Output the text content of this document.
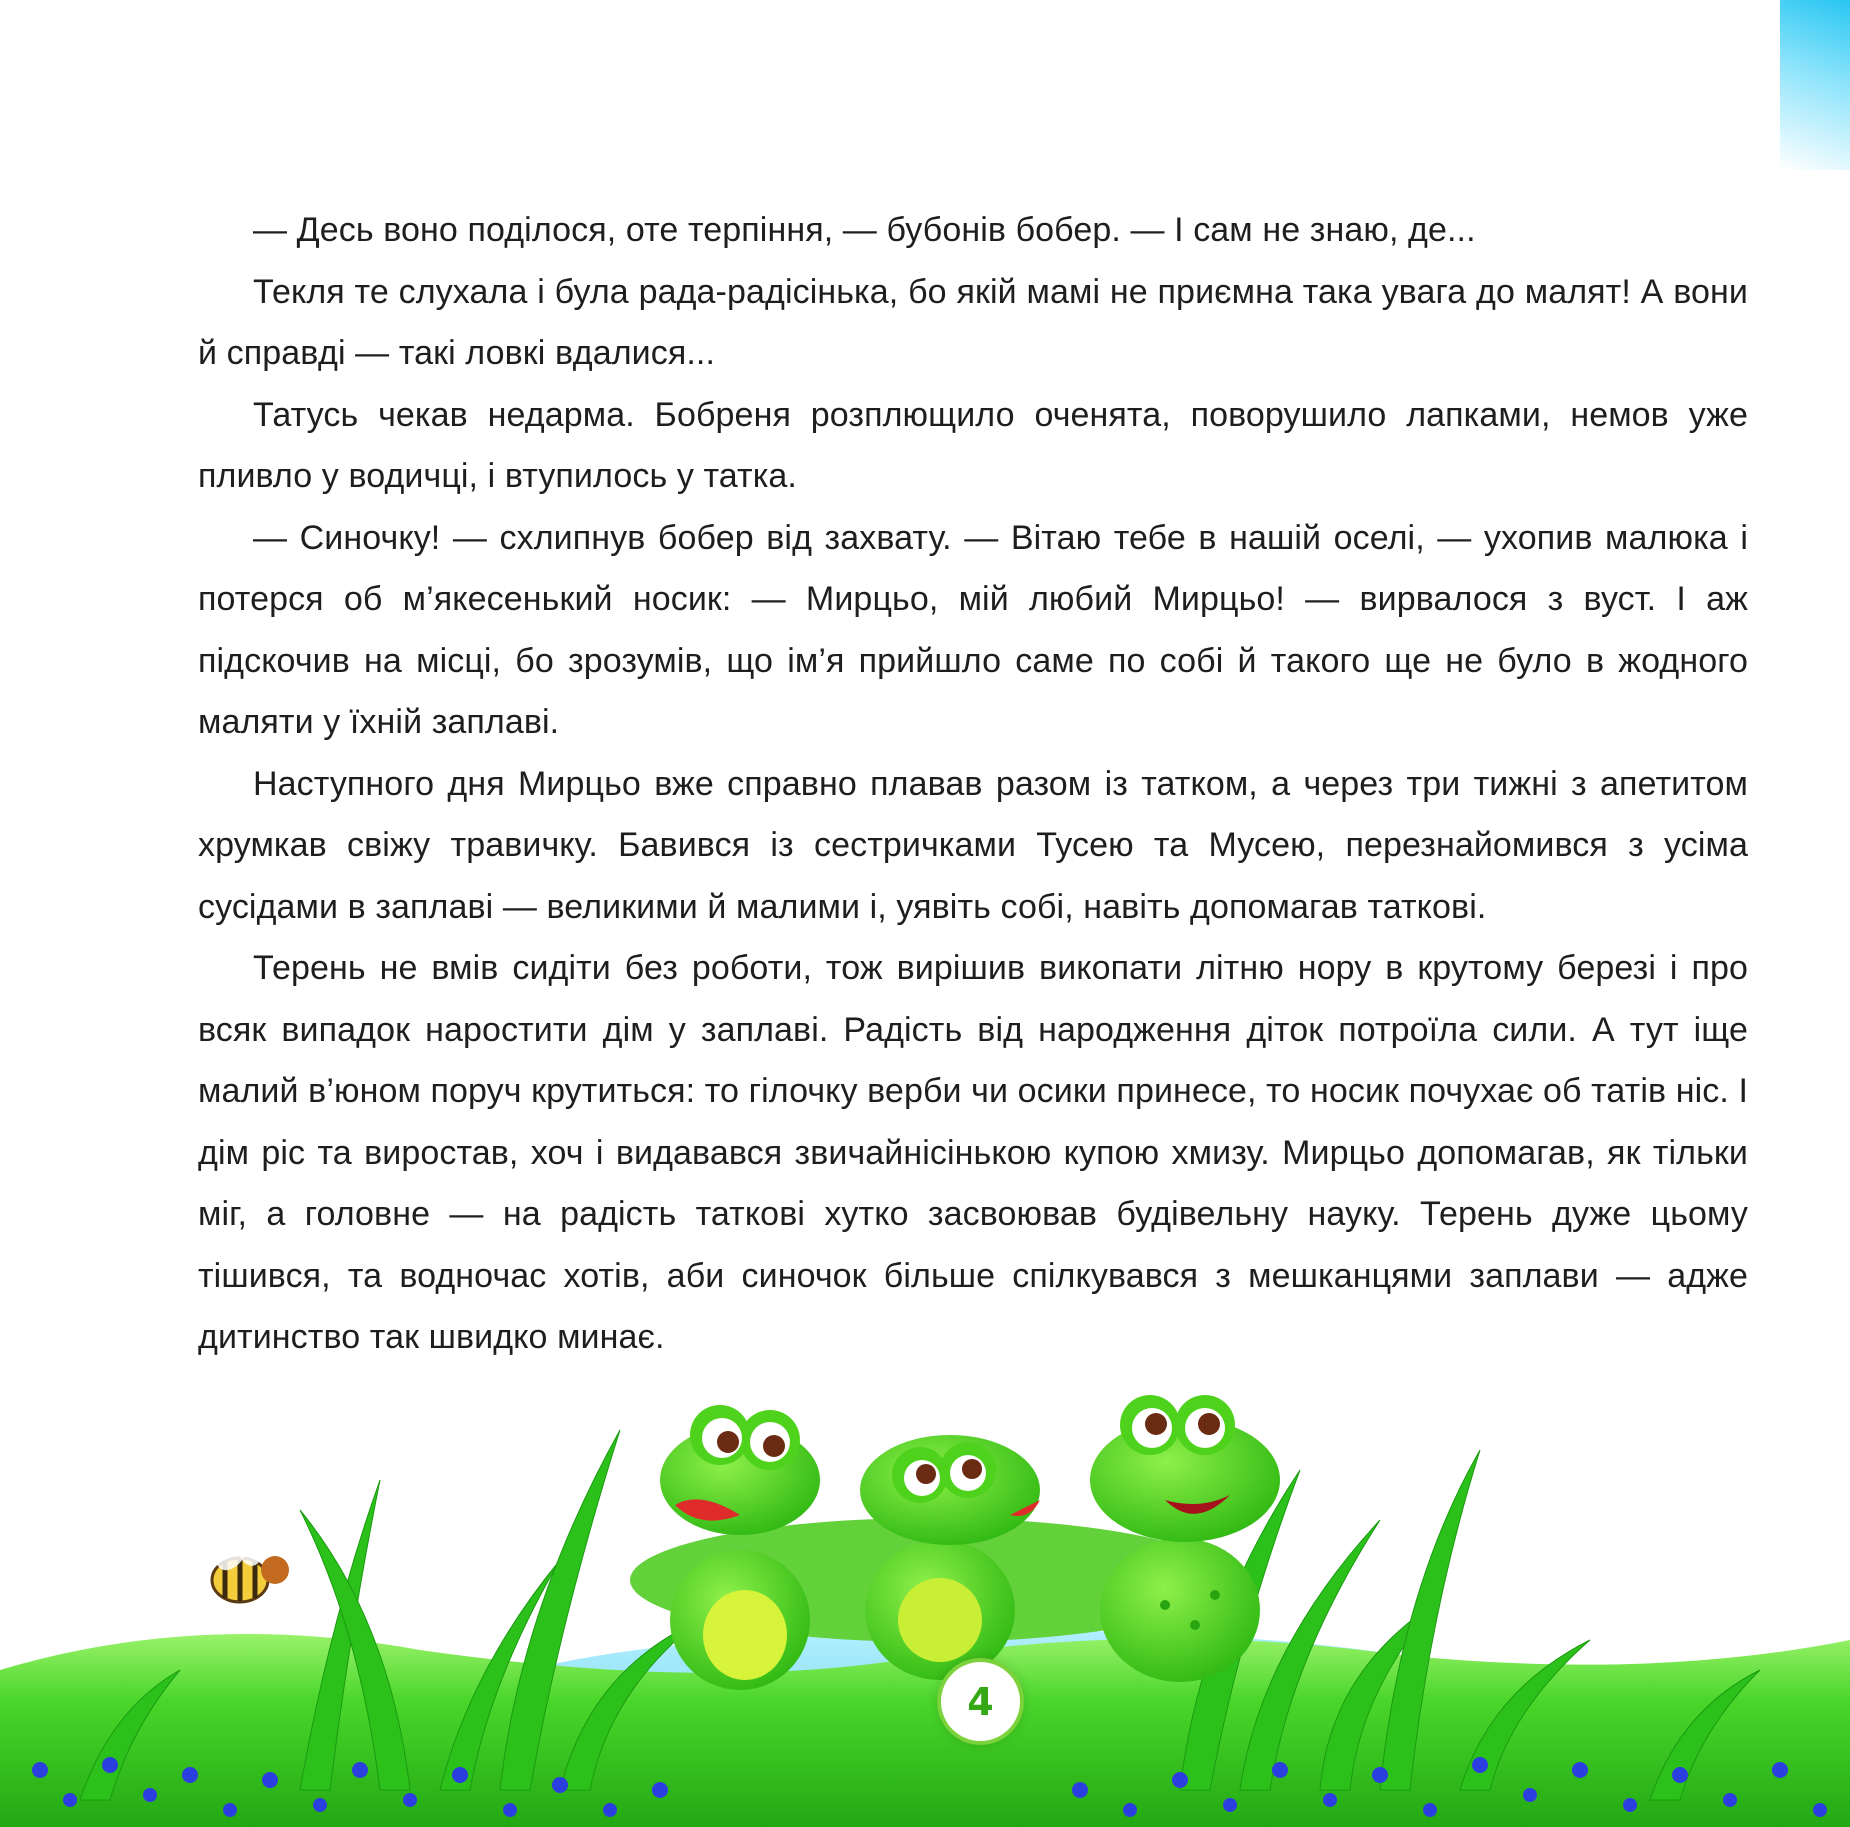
— Десь воно поділося, оте терпіння, — бубонів бобер. — І сам не знаю, де...

Текля те слухала і була рада-радісінька, бо якій мамі не приємна така увага до малят! А вони й справді — такі ловкі вдалися...

Татусь чекав недарма. Бобреня розплющило оченята, поворушило лапками, немов уже пливло у водичці, і втупилось у татка.

— Синочку! — схлипнув бобер від захвату. — Вітаю тебе в нашій оселі, — ухопив малюка і потерся об м’якесенький носик: — Мирцьо, мій любий Мирцьо! — вирвалося з вуст. І аж підскочив на місці, бо зрозумів, що ім’я прийшло саме по собі й такого ще не було в жодного маляти у їхній заплаві.

Наступного дня Мирцьо вже справно плавав разом із татком, а через три тижні з апетитом хрумкав свіжу травичку. Бавився із сестричками Тусею та Мусею, перезнайомився з усіма сусідами в заплаві — великими й малими і, уявіть собі, навіть допомагав таткові.

Терень не вмів сидіти без роботи, тож вирішив викопати літню нору в крутому березі і про всяк випадок наростити дім у заплаві. Радість від народження діток потроїла сили. А тут іще малий в’юном поруч крутиться: то гілочку верби чи осики принесе, то носик почухає об татів ніс. І дім ріс та виростав, хоч і видавався звичайнісінькою купою хмизу. Мирцьо допомагав, як тільки міг, а головне — на радість таткові хутко засвоював будівельну науку. Терень дуже цьому тішився, та водночас хотів, аби синочок більше спілкувався з мешканцями заплави — адже дитинство так швидко минає.

4
